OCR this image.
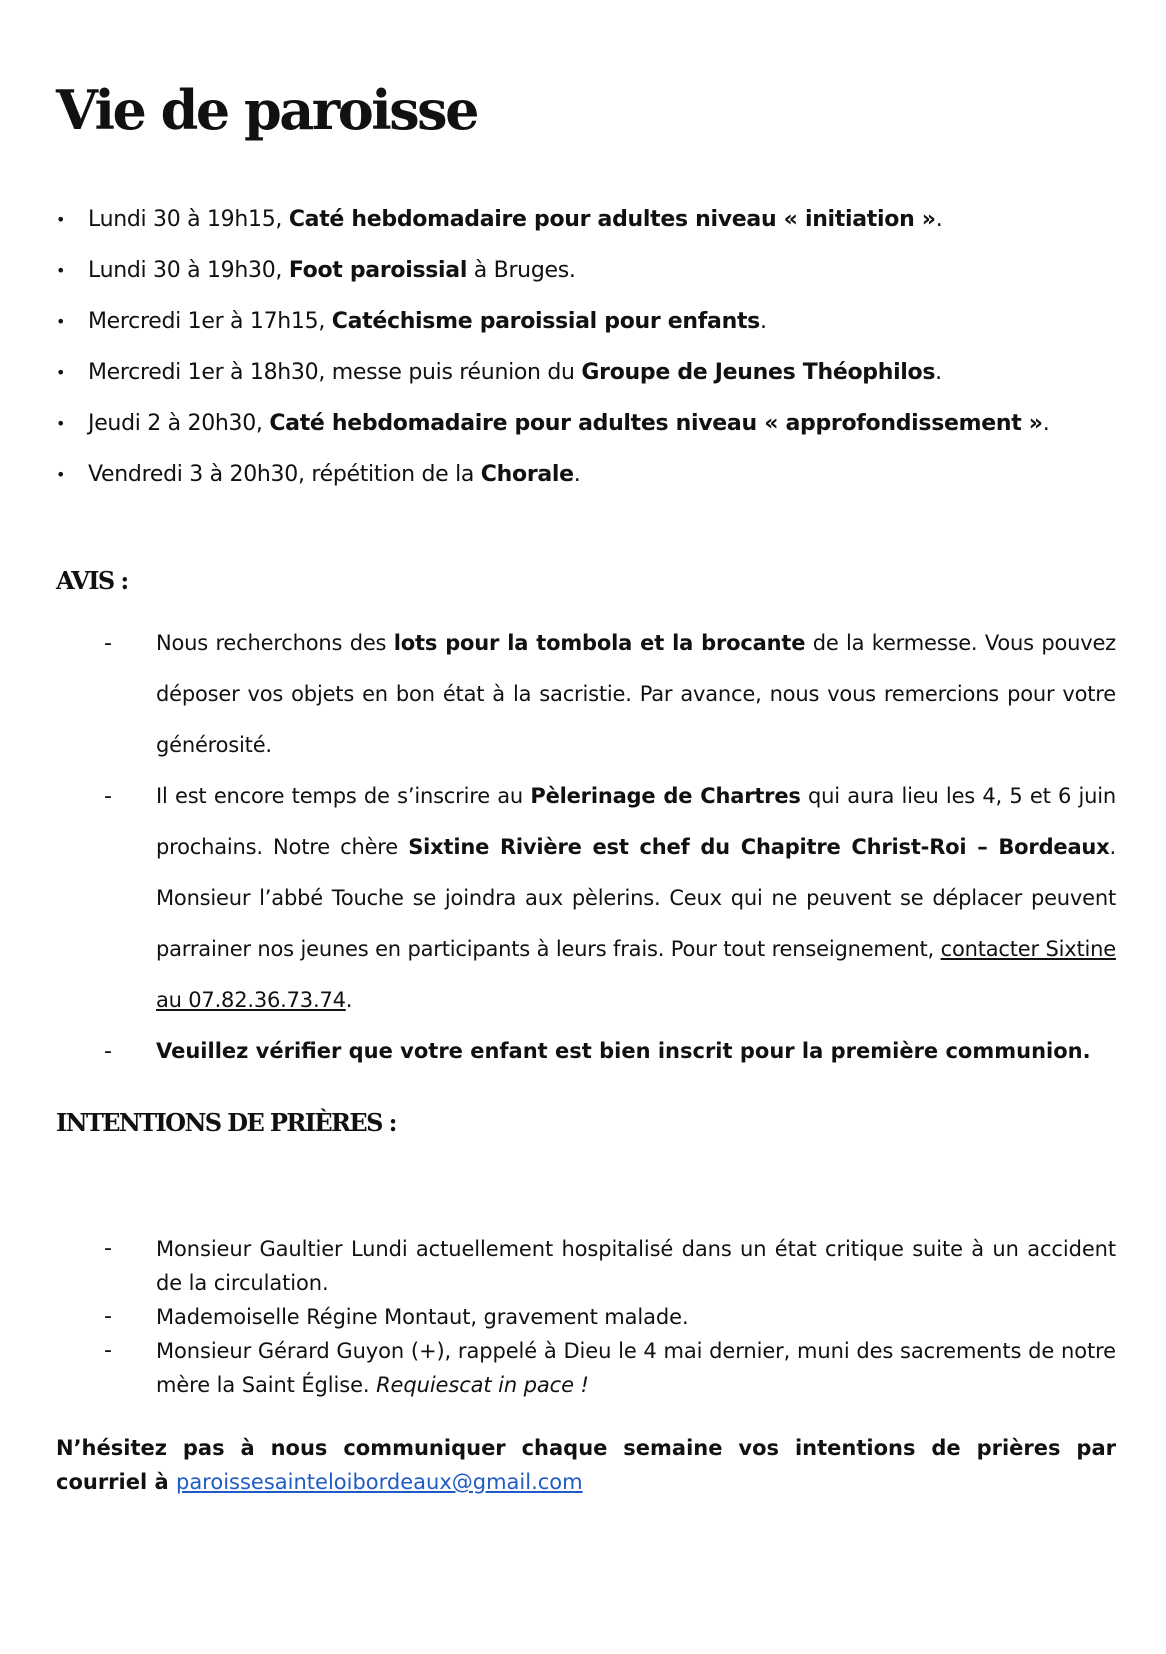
Vie de paroisse
• Lundi 30 à 19h15, Caté hebdomadaire pour adultes niveau « initiation ».
• Lundi 30 à 19h30, Foot paroissial à Bruges.
• Mercredi 1er à 17h15, Catéchisme paroissial pour enfants.
• Mercredi 1er à 18h30, messe puis réunion du Groupe de Jeunes Théophilos.
• Jeudi 2 à 20h30, Caté hebdomadaire pour adultes niveau « approfondissement ».
• Vendredi 3 à 20h30, répétition de la Chorale.
AVIS :
- Nous recherchons des lots pour la tombola et la brocante de la kermesse. Vous pouvez déposer vos objets en bon état à la sacristie. Par avance, nous vous remercions pour votre générosité.

- Il est encore temps de s’inscrire au Pèlerinage de Chartres qui aura lieu les 4, 5 et 6 juin prochains. Notre chère Sixtine Rivière est chef du Chapitre Christ-Roi – Bordeaux. Monsieur l’abbé Touche se joindra aux pèlerins. Ceux qui ne peuvent se déplacer peuvent parrainer nos jeunes en participants à leurs frais. Pour tout renseignement, contacter Sixtine au 07.82.36.73.74.

- Veuillez vérifier que votre enfant est bien inscrit pour la première communion.

INTENTIONS DE PRIÈRES :
- Monsieur Gaultier Lundi actuellement hospitalisé dans un état critique suite à un accident de la circulation.

- Mademoiselle Régine Montaut, gravement malade.

- Monsieur Gérard Guyon (+), rappelé à Dieu le 4 mai dernier, muni des sacrements de notre mère la Saint Église. Requiescat in pace !

N’hésitez pas à nous communiquer chaque semaine vos intentions de prières par courriel à paroissesainteloibordeaux@gmail.com
